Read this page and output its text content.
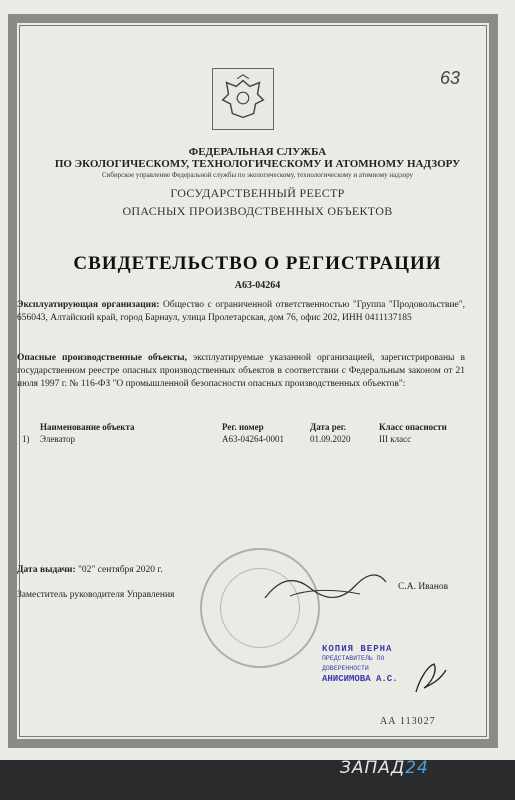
63
ФЕДЕРАЛЬНАЯ СЛУЖБА
ПО ЭКОЛОГИЧЕСКОМУ, ТЕХНОЛОГИЧЕСКОМУ И АТОМНОМУ НАДЗОРУ
Сибирское управление Федеральной службы по экологическому, технологическому и атомному надзору
ГОСУДАРСТВЕННЫЙ РЕЕСТР
ОПАСНЫХ ПРОИЗВОДСТВЕННЫХ ОБЪЕКТОВ
СВИДЕТЕЛЬСТВО О РЕГИСТРАЦИИ
А63-04264
Эксплуатирующая организация: Общество с ограниченной ответственностью "Группа "Продовольствие", 656043, Алтайский край, город Барнаул, улица Пролетарская, дом 76, офис 202, ИНН 0411137185
Опасные производственные объекты, эксплуатируемые указанной организацией, зарегистрированы в государственном реестре опасных производственных объектов в соответствии с Федеральным законом от 21 июля 1997 г. № 116-ФЗ "О промышленной безопасности опасных производственных объектов":
Наименование объекта	Рег. номер	Дата рег.	Класс опасности
1) Элеватор	А63-04264-0001	01.09.2020	III класс
Дата выдачи: "02" сентября 2020 г.
Заместитель руководителя Управления
С.А. Иванов
КОПИЯ ВЕРНА
ПРЕДСТАВИТЕЛЬ ПО
ДОВЕРЕННОСТИ
АНИСИМОВА А.С.
АА 113027
ЗАПАД24
